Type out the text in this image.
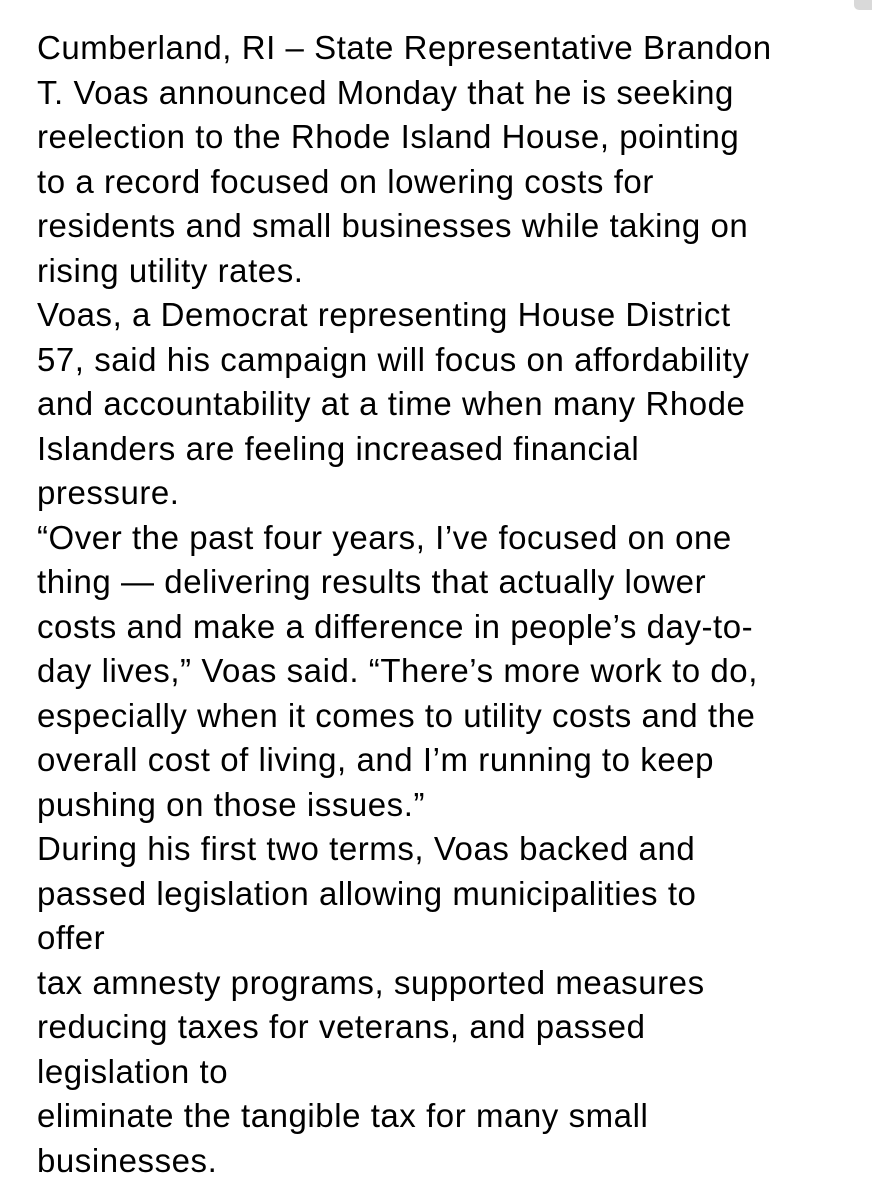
Cumberland, RI – State Representative Brandon
T. Voas announced Monday that he is seeking
reelection to the Rhode Island House, pointing
to a record focused on lowering costs for
residents and small businesses while taking on
rising utility rates.
Voas, a Democrat representing House District
57, said his campaign will focus on affordability
and accountability at a time when many Rhode
Islanders are feeling increased financial
pressure.
“Over the past four years, I’ve focused on one
thing — delivering results that actually lower
costs and make a difference in people’s day-to-
day lives,” Voas said. “There’s more work to do,
especially when it comes to utility costs and the
overall cost of living, and I’m running to keep
pushing on those issues.”
During his first two terms, Voas backed and
passed legislation allowing municipalities to
offer
tax amnesty programs, supported measures
reducing taxes for veterans, and passed
legislation to
eliminate the tangible tax for many small
businesses.
